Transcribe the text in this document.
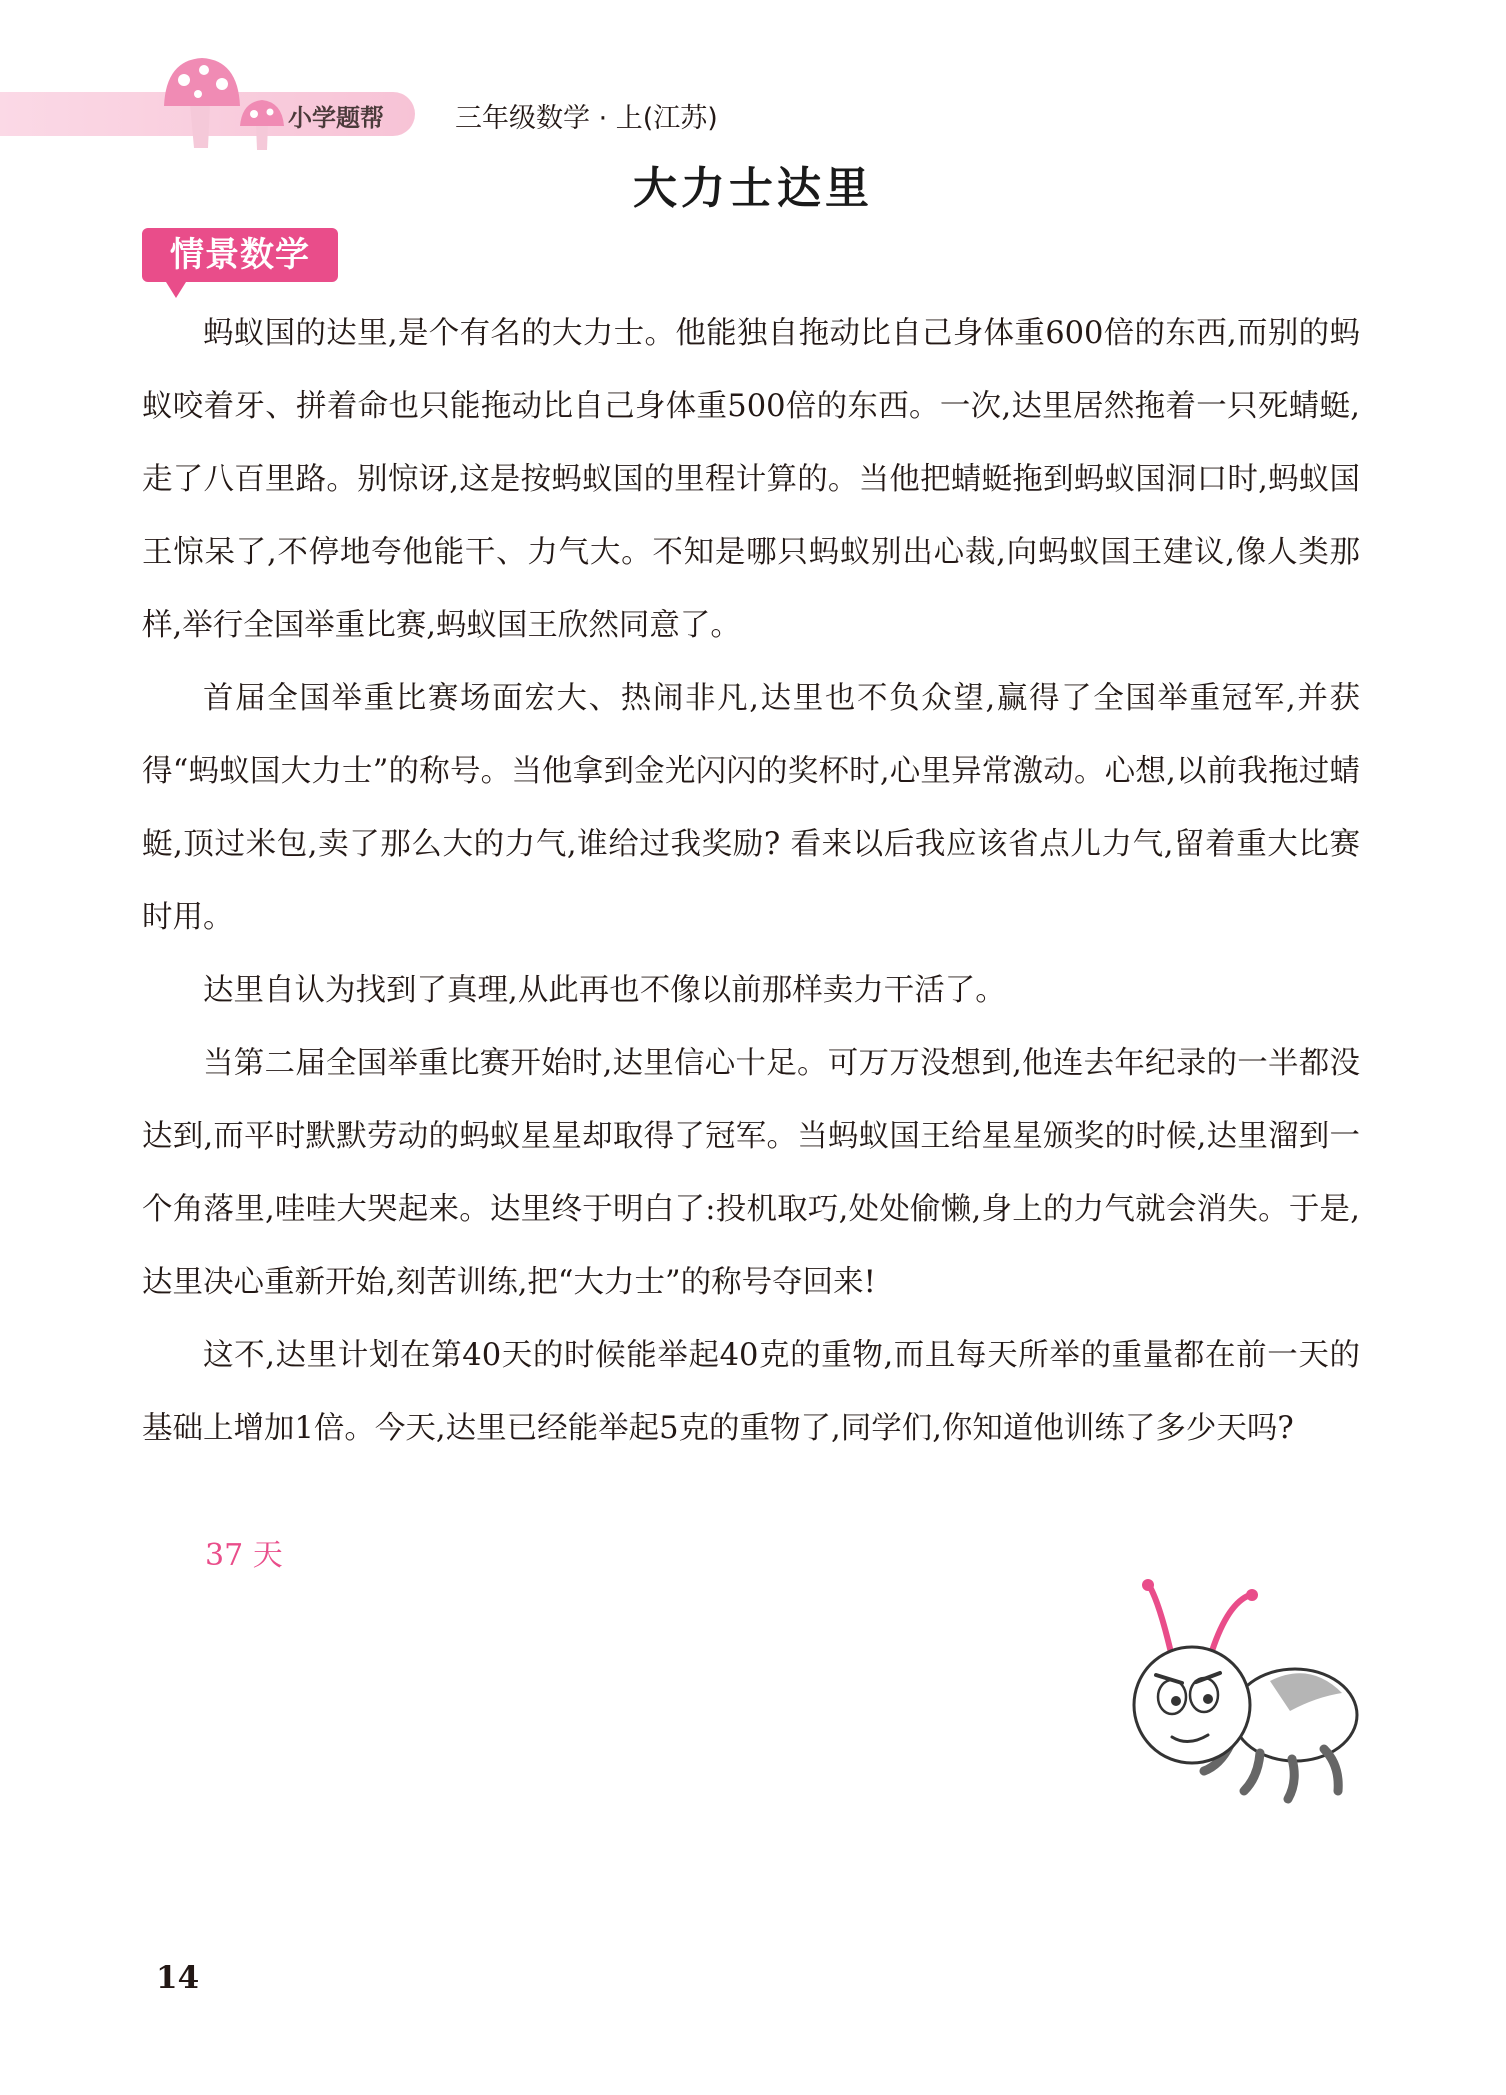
小学题帮	三年级数学 · 上(江苏)
大力士达里
情景数学

蚂蚁国的达里,是个有名的大力士。他能独自拖动比自己身体重600倍的东西,而别的蚂蚁咬着牙、拼着命也只能拖动比自己身体重500倍的东西。一次,达里居然拖着一只死蜻蜓,走了八百里路。别惊讶,这是按蚂蚁国的里程计算的。当他把蜻蜓拖到蚂蚁国洞口时,蚂蚁国王惊呆了,不停地夸他能干、力气大。不知是哪只蚂蚁别出心裁,向蚂蚁国王建议,像人类那样,举行全国举重比赛,蚂蚁国王欣然同意了。

首届全国举重比赛场面宏大、热闹非凡,达里也不负众望,赢得了全国举重冠军,并获得“蚂蚁国大力士”的称号。当他拿到金光闪闪的奖杯时,心里异常激动。心想,以前我拖过蜻蜓,顶过米包,卖了那么大的力气,谁给过我奖励? 看来以后我应该省点儿力气,留着重大比赛时用。

达里自认为找到了真理,从此再也不像以前那样卖力干活了。

当第二届全国举重比赛开始时,达里信心十足。可万万没想到,他连去年纪录的一半都没达到,而平时默默劳动的蚂蚁星星却取得了冠军。当蚂蚁国王给星星颁奖的时候,达里溜到一个角落里,哇哇大哭起来。达里终于明白了:投机取巧,处处偷懒,身上的力气就会消失。于是,达里决心重新开始,刻苦训练,把“大力士”的称号夺回来!

这不,达里计划在第40天的时候能举起40克的重物,而且每天所举的重量都在前一天的基础上增加1倍。今天,达里已经能举起5克的重物了,同学们,你知道他训练了多少天吗?

37 天
14
